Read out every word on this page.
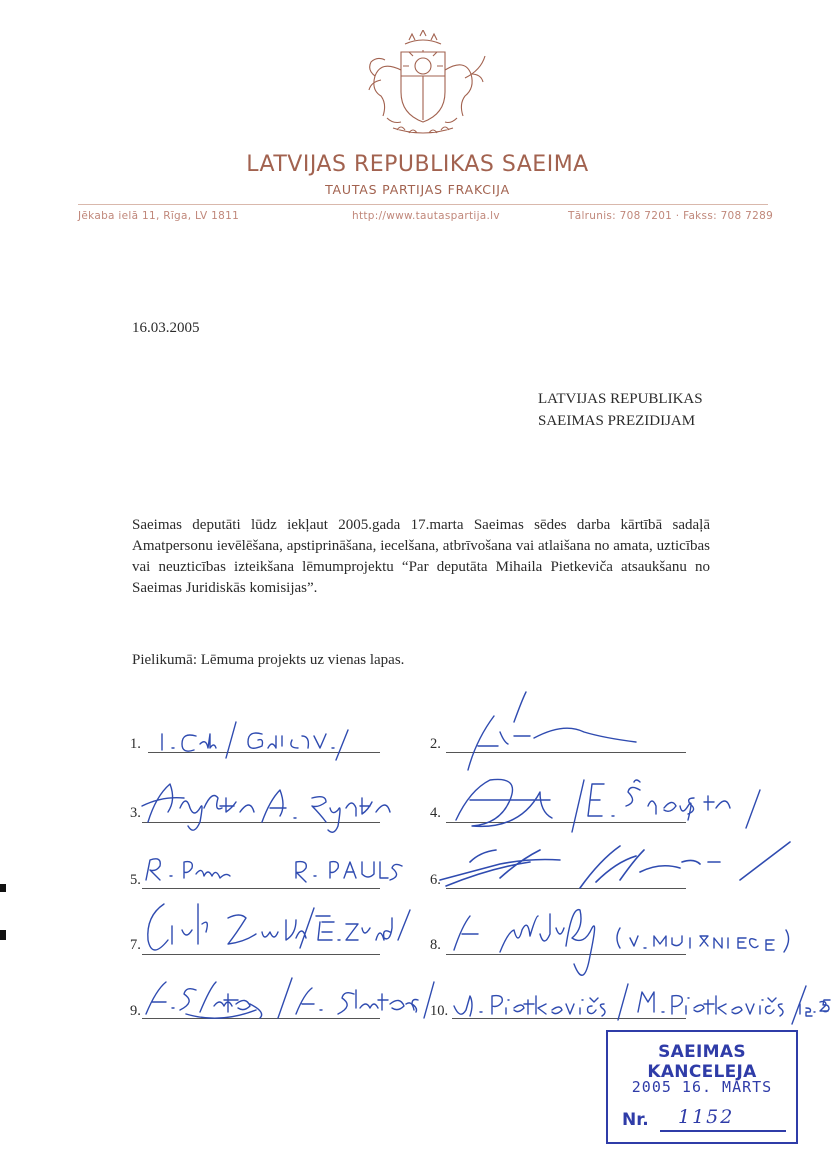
LATVIJAS REPUBLIKAS SAEIMA
TAUTAS PARTIJAS FRAKCIJA
Jēkaba ielā 11, Rīga, LV 1811	http://www.tautaspartija.lv	Tālrunis: 708 7201 · Fakss: 708 7289
16.03.2005
LATVIJAS REPUBLIKAS
SAEIMAS PREZIDIJAM
Saeimas deputāti lūdz iekļaut 2005.gada 17.marta Saeimas sēdes darba kārtībā sadaļā Amatpersonu ievēlēšana, apstiprināšana, iecelšana, atbrīvošana vai atlaišana no amata, uzticības vai neuzticības izteikšana lēmumprojektu “Par deputāta Mihaila Pietkeviča atsaukšanu no Saeimas Juridiskās komisijas”.
Pielikumā: Lēmuma projekts uz vienas lapas.
1.	2.
3.	4.
5.	6.
7.	8.
9.	10.
SAEIMAS KANCELEJA
2005 16. MARTS
Nr. 1152
